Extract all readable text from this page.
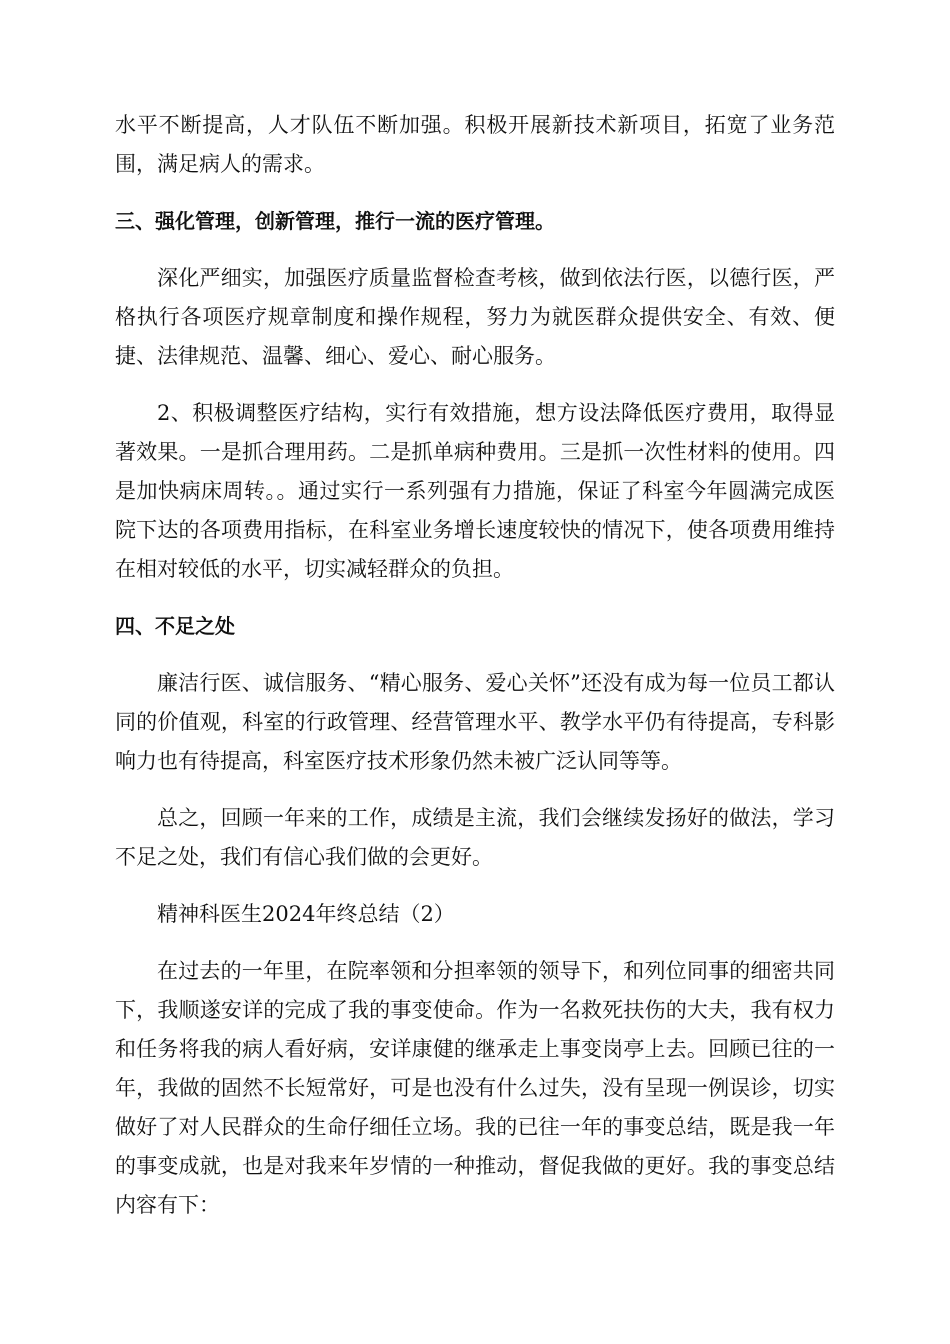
水平不断提高，人才队伍不断加强。积极开展新技术新项目，拓宽了业务范围，满足病人的需求。

三、强化管理，创新管理，推行一流的医疗管理。

深化严细实，加强医疗质量监督检查考核，做到依法行医，以德行医，严格执行各项医疗规章制度和操作规程，努力为就医群众提供安全、有效、便捷、法律规范、温馨、细心、爱心、耐心服务。

2、积极调整医疗结构，实行有效措施，想方设法降低医疗费用，取得显著效果。一是抓合理用药。二是抓单病种费用。三是抓一次性材料的使用。四是加快病床周转。。通过实行一系列强有力措施，保证了科室今年圆满完成医院下达的各项费用指标，在科室业务增长速度较快的情况下，使各项费用维持在相对较低的水平，切实减轻群众的负担。

四、不足之处

廉洁行医、诚信服务、“精心服务、爱心关怀”还没有成为每一位员工都认同的价值观，科室的行政管理、经营管理水平、教学水平仍有待提高，专科影响力也有待提高，科室医疗技术形象仍然未被广泛认同等等。

总之，回顾一年来的工作，成绩是主流，我们会继续发扬好的做法，学习不足之处，我们有信心我们做的会更好。

精神科医生2024年终总结（2）

在过去的一年里，在院率领和分担率领的领导下，和列位同事的细密共同下，我顺遂安详的完成了我的事变使命。作为一名救死扶伤的大夫，我有权力和任务将我的病人看好病，安详康健的继承走上事变岗亭上去。回顾已往的一年，我做的固然不长短常好，可是也没有什么过失，没有呈现一例误诊，切实做好了对人民群众的生命仔细任立场。我的已往一年的事变总结，既是我一年的事变成就，也是对我来年岁情的一种推动，督促我做的更好。我的事变总结内容有下：
